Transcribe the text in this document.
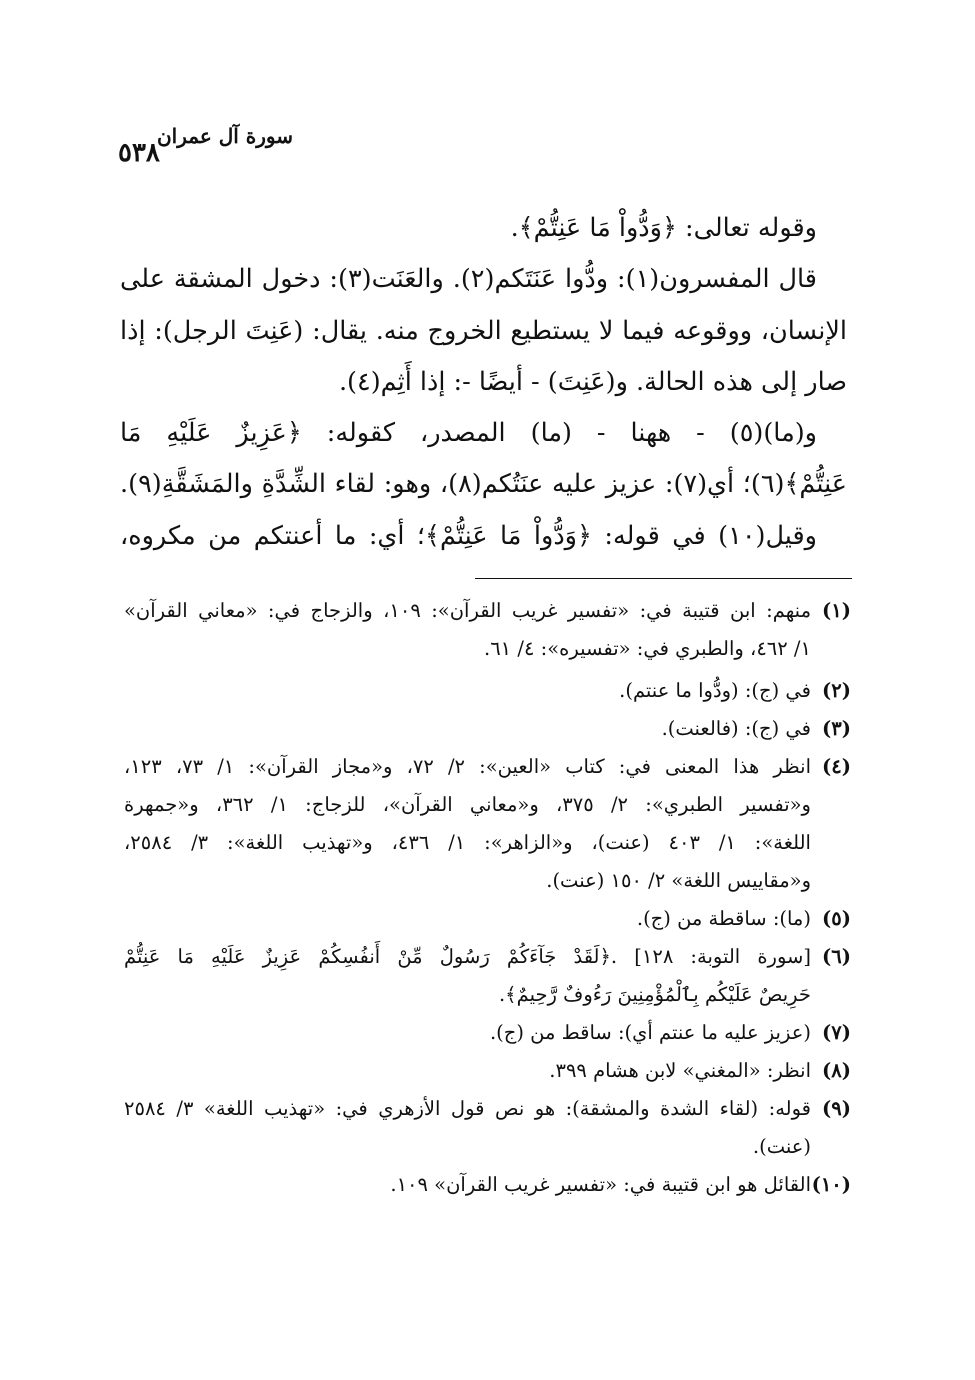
سورة آل عمران
٥٣٨
وقوله تعالى: ﴿وَدُّواْ مَا عَنِتُّمْ﴾.
قال المفسرون(١): ودُّوا عَنَتَكم(٢). والعَنَت(٣): دخول المشقة على
الإنسان، ووقوعه فيما لا يستطيع الخروج منه. يقال: (عَنِتَ الرجل): إذا
صار إلى هذه الحالة. و(عَنِتَ) - أيضًا -: إذا أَثِم(٤).
و(ما)(٥) - ههنا - (ما) المصدر، كقوله: ﴿عَزِيزٌ عَلَيْهِ مَا
عَنِتُّمْ﴾(٦)؛ أي(٧): عزيز عليه عنَتُكم(٨)، وهو: لقاء الشِّدَّةِ والمَشَقَّةِ(٩).
وقيل(١٠) في قوله: ﴿وَدُّواْ مَا عَنِتُّمْ﴾؛ أي: ما أعنتكم من مكروه،
(١)
منهم: ابن قتيبة في: «تفسير غريب القرآن»: ١٠٩، والزجاج في: «معاني القرآن»
١/ ٤٦٢، والطبري في: «تفسيره»: ٤/ ٦١.
(٢)
في (ج): (ودُّوا ما عنتم).
(٣)
في (ج): (فالعنت).
(٤)
انظر هذا المعنى في: كتاب «العين»: ٢/ ٧٢، و«مجاز القرآن»: ١/ ٧٣، ١٢٣،
و«تفسير الطبري»: ٢/ ٣٧٥، و«معاني القرآن»، للزجاج: ١/ ٣٦٢، و«جمهرة
اللغة»: ١/ ٤٠٣ (عنت)، و«الزاهر»: ١/ ٤٣٦، و«تهذيب اللغة»: ٣/ ٢٥٨٤،
و«مقاييس اللغة» ٢/ ١٥٠ (عنت).
(٥)
(ما): ساقطة من (ج).
(٦)
[سورة التوبة: ١٢٨] .﴿لَقَدْ جَآءَكُمْ رَسُولٌ مِّنْ أَنفُسِكُمْ عَزِيزٌ عَلَيْهِ مَا عَنِتُّمْ
حَرِيصٌ عَلَيْكُم بِٱلْمُؤْمِنِينَ رَءُوفٌ رَّحِيمٌ﴾.
(٧)
(عزيز عليه ما عنتم أي): ساقط من (ج).
(٨)
انظر: «المغني» لابن هشام ٣٩٩.
(٩)
قوله: (لقاء الشدة والمشقة): هو نص قول الأزهري في: «تهذيب اللغة» ٣/ ٢٥٨٤
(عنت).
(١٠)
القائل هو ابن قتيبة في: «تفسير غريب القرآن» ١٠٩.
